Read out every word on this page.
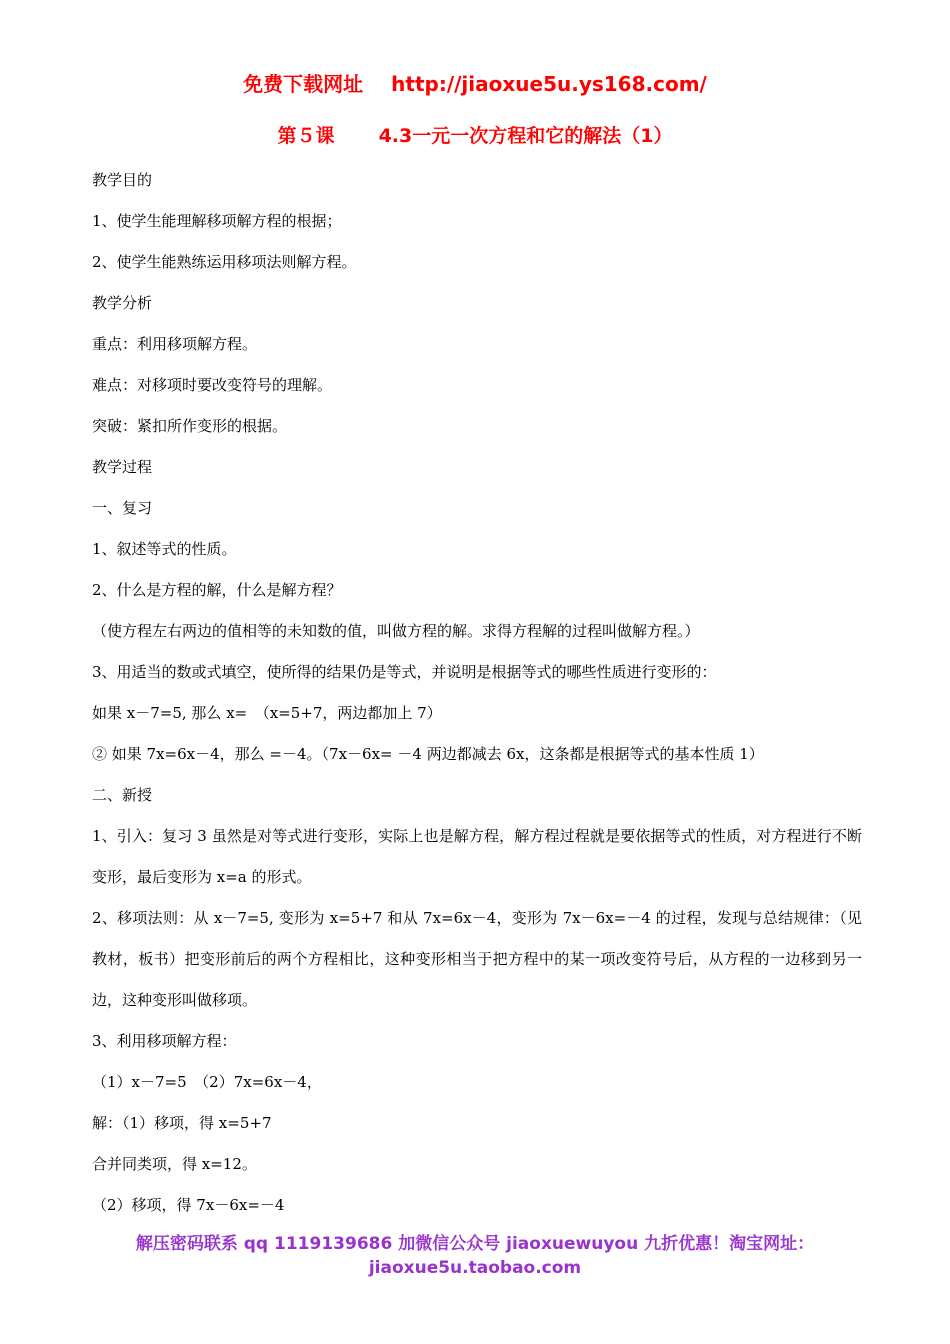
免费下载网址 http://jiaoxue5u.ys168.com/
第５课 4.3一元一次方程和它的解法（1）
教学目的
1、使学生能理解移项解方程的根据；
2、使学生能熟练运用移项法则解方程。
教学分析
重点：利用移项解方程。
难点：对移项时要改变符号的理解。
突破：紧扣所作变形的根据。
教学过程
一、复习
1、叙述等式的性质。
2、什么是方程的解，什么是解方程？
（使方程左右两边的值相等的未知数的值，叫做方程的解。求得方程解的过程叫做解方程。）
3、用适当的数或式填空，使所得的结果仍是等式，并说明是根据等式的哪些性质进行变形的：
如果 x－7=5, 那么 x=　（x=5+7，两边都加上 7）
② 如果 7x=6x－4，那么 =－4。（7x－6x= －4 两边都减去 6x，这条都是根据等式的基本性质 1）
二、新授
1、引入：复习 3 虽然是对等式进行变形，实际上也是解方程，解方程过程就是要依据等式的性质，对方程进行不断变形，最后变形为 x=a 的形式。
2、移项法则：从 x－7=5, 变形为 x=5+7 和从 7x=6x－4，变形为 7x－6x=－4 的过程，发现与总结规律：（见教材，板书）把变形前后的两个方程相比，这种变形相当于把方程中的某一项改变符号后，从方程的一边移到另一边，这种变形叫做移项。
3、利用移项解方程：
（1）x－7=5　（2）7x=6x－4，
解：（1）移项，得 x=5+7
合并同类项，得 x=12。
（2）移项，得 7x－6x=－4
解压密码联系 qq 1119139686 加微信公众号 jiaoxuewuyou 九折优惠！淘宝网址：jiaoxue5u.taobao.com
